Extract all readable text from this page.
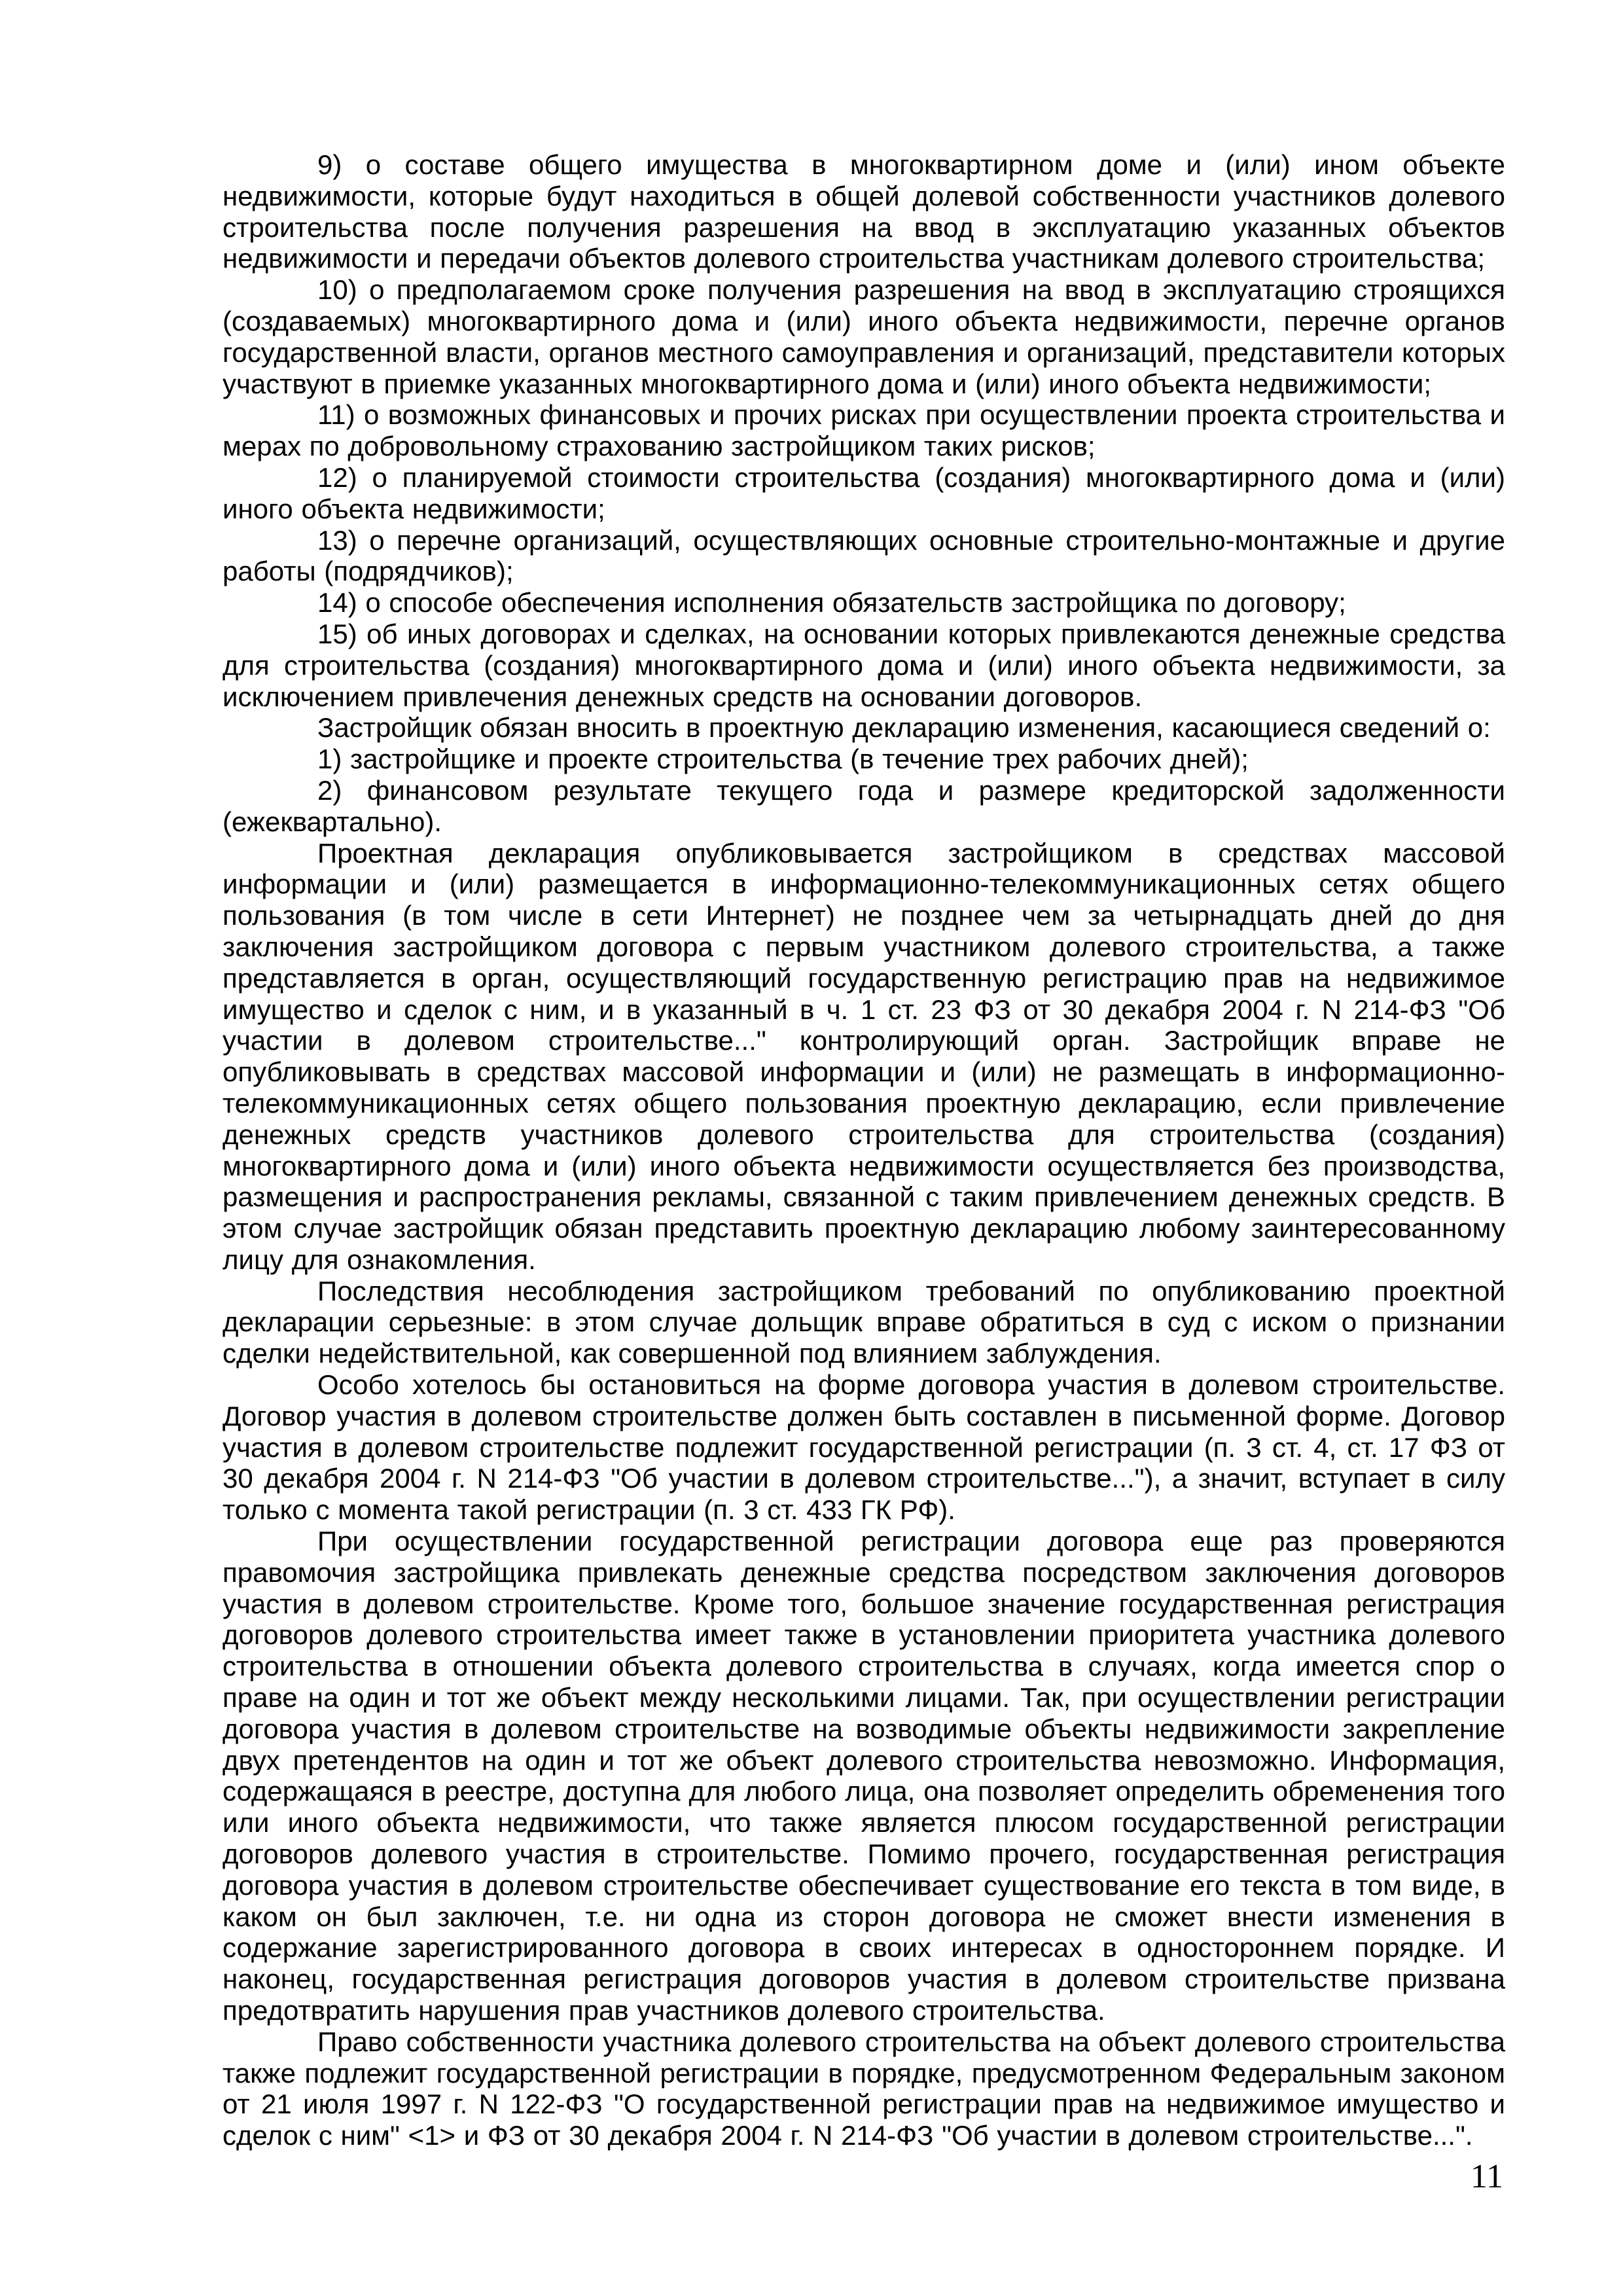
9) о составе общего имущества в многоквартирном доме и (или) ином объекте недвижимости, которые будут находиться в общей долевой собственности участников долевого строительства после получения разрешения на ввод в эксплуатацию указанных объектов недвижимости и передачи объектов долевого строительства участникам долевого строительства;

10) о предполагаемом сроке получения разрешения на ввод в эксплуатацию строящихся (создаваемых) многоквартирного дома и (или) иного объекта недвижимости, перечне органов государственной власти, органов местного самоуправления и организаций, представители которых участвуют в приемке указанных многоквартирного дома и (или) иного объекта недвижимости;

11) о возможных финансовых и прочих рисках при осуществлении проекта строительства и мерах по добровольному страхованию застройщиком таких рисков;

12) о планируемой стоимости строительства (создания) многоквартирного дома и (или) иного объекта недвижимости;

13) о перечне организаций, осуществляющих основные строительно-монтажные и другие работы (подрядчиков);

14) о способе обеспечения исполнения обязательств застройщика по договору;

15) об иных договорах и сделках, на основании которых привлекаются денежные средства для строительства (создания) многоквартирного дома и (или) иного объекта недвижимости, за исключением привлечения денежных средств на основании договоров.

Застройщик обязан вносить в проектную декларацию изменения, касающиеся сведений о:

1) застройщике и проекте строительства (в течение трех рабочих дней);

2) финансовом результате текущего года и размере кредиторской задолженности (ежеквартально).

Проектная декларация опубликовывается застройщиком в средствах массовой информации и (или) размещается в информационно-телекоммуникационных сетях общего пользования (в том числе в сети Интернет) не позднее чем за четырнадцать дней до дня заключения застройщиком договора с первым участником долевого строительства, а также представляется в орган, осуществляющий государственную регистрацию прав на недвижимое имущество и сделок с ним, и в указанный в ч. 1 ст. 23 ФЗ от 30 декабря 2004 г. N 214-ФЗ "Об участии в долевом строительстве..." контролирующий орган. Застройщик вправе не опубликовывать в средствах массовой информации и (или) не размещать в информационно-телекоммуникационных сетях общего пользования проектную декларацию, если привлечение денежных средств участников долевого строительства для строительства (создания) многоквартирного дома и (или) иного объекта недвижимости осуществляется без производства, размещения и распространения рекламы, связанной с таким привлечением денежных средств. В этом случае застройщик обязан представить проектную декларацию любому заинтересованному лицу для ознакомления.

Последствия несоблюдения застройщиком требований по опубликованию проектной декларации серьезные: в этом случае дольщик вправе обратиться в суд с иском о признании сделки недействительной, как совершенной под влиянием заблуждения.

Особо хотелось бы остановиться на форме договора участия в долевом строительстве. Договор участия в долевом строительстве должен быть составлен в письменной форме. Договор участия в долевом строительстве подлежит государственной регистрации (п. 3 ст. 4, ст. 17 ФЗ от 30 декабря 2004 г. N 214-ФЗ "Об участии в долевом строительстве..."), а значит, вступает в силу только с момента такой регистрации (п. 3 ст. 433 ГК РФ).

При осуществлении государственной регистрации договора еще раз проверяются правомочия застройщика привлекать денежные средства посредством заключения договоров участия в долевом строительстве. Кроме того, большое значение государственная регистрация договоров долевого строительства имеет также в установлении приоритета участника долевого строительства в отношении объекта долевого строительства в случаях, когда имеется спор о праве на один и тот же объект между несколькими лицами. Так, при осуществлении регистрации договора участия в долевом строительстве на возводимые объекты недвижимости закрепление двух претендентов на один и тот же объект долевого строительства невозможно. Информация, содержащаяся в реестре, доступна для любого лица, она позволяет определить обременения того или иного объекта недвижимости, что также является плюсом государственной регистрации договоров долевого участия в строительстве. Помимо прочего, государственная регистрация договора участия в долевом строительстве обеспечивает существование его текста в том виде, в каком он был заключен, т.е. ни одна из сторон договора не сможет внести изменения в содержание зарегистрированного договора в своих интересах в одностороннем порядке. И наконец, государственная регистрация договоров участия в долевом строительстве призвана предотвратить нарушения прав участников долевого строительства.

Право собственности участника долевого строительства на объект долевого строительства также подлежит государственной регистрации в порядке, предусмотренном Федеральным законом от 21 июля 1997 г. N 122-ФЗ "О государственной регистрации прав на недвижимое имущество и сделок с ним" <1> и ФЗ от 30 декабря 2004 г. N 214-ФЗ "Об участии в долевом строительстве...".

11
